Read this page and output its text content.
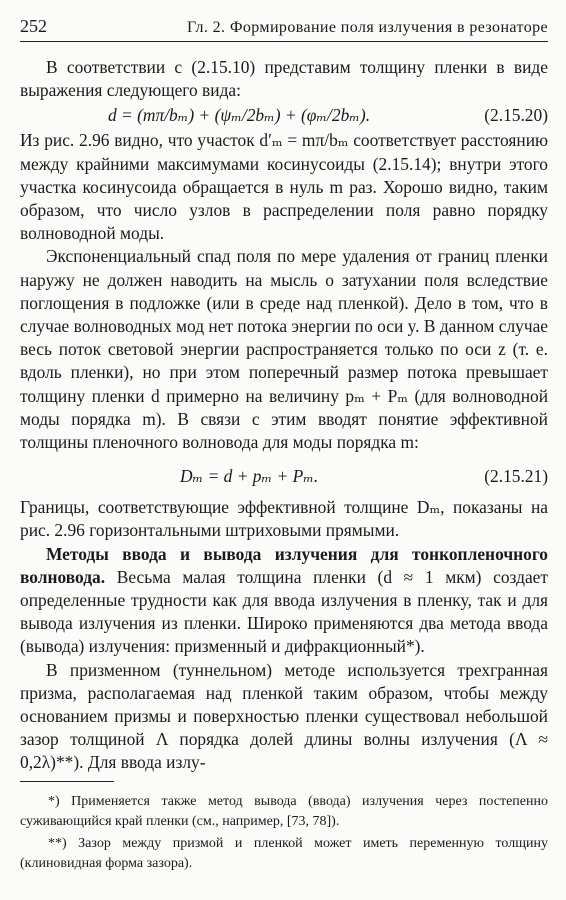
252	Гл. 2. Формирование поля излучения в резонаторе

В соответствии с (2.15.10) представим толщину пленки в виде выражения следующего вида:

d = (mπ/bₘ) + (ψₘ/2bₘ) + (φₘ/2bₘ).	(2.15.20)

Из рис. 2.96 видно, что участок d′ₘ = mπ/bₘ соответствует расстоянию между крайними максимумами косинусоиды (2.15.14); внутри этого участка косинусоида обращается в нуль m раз. Хорошо видно, таким образом, что число узлов в распределении поля равно порядку волноводной моды.

Экспоненциальный спад поля по мере удаления от границ пленки наружу не должен наводить на мысль о затухании поля вследствие поглощения в подложке (или в среде над пленкой). Дело в том, что в случае волноводных мод нет потока энергии по оси y. В данном случае весь поток световой энергии распространяется только по оси z (т. е. вдоль пленки), но при этом поперечный размер потока превышает толщину пленки d примерно на величину pₘ + Pₘ (для волноводной моды порядка m). В связи с этим вводят понятие эффективной толщины пленочного волновода для моды порядка m:

Dₘ = d + pₘ + Pₘ.	(2.15.21)

Границы, соответствующие эффективной толщине Dₘ, показаны на рис. 2.96 горизонтальными штриховыми прямыми.

Методы ввода и вывода излучения для тонкопленочного волновода. Весьма малая толщина пленки (d ≈ 1 мкм) создает определенные трудности как для ввода излучения в пленку, так и для вывода излучения из пленки. Широко применяются два метода ввода (вывода) излучения: призменный и дифракционный*).

В призменном (туннельном) методе используется трехгранная призма, располагаемая над пленкой таким образом, чтобы между основанием призмы и поверхностью пленки существовал небольшой зазор толщиной Λ порядка долей длины волны излучения (Λ ≈ 0,2λ)**). Для ввода излу-

*) Применяется также метод вывода (ввода) излучения через постепенно суживающийся край пленки (см., например, [73, 78]).

**) Зазор между призмой и пленкой может иметь переменную толщину (клиновидная форма зазора).
